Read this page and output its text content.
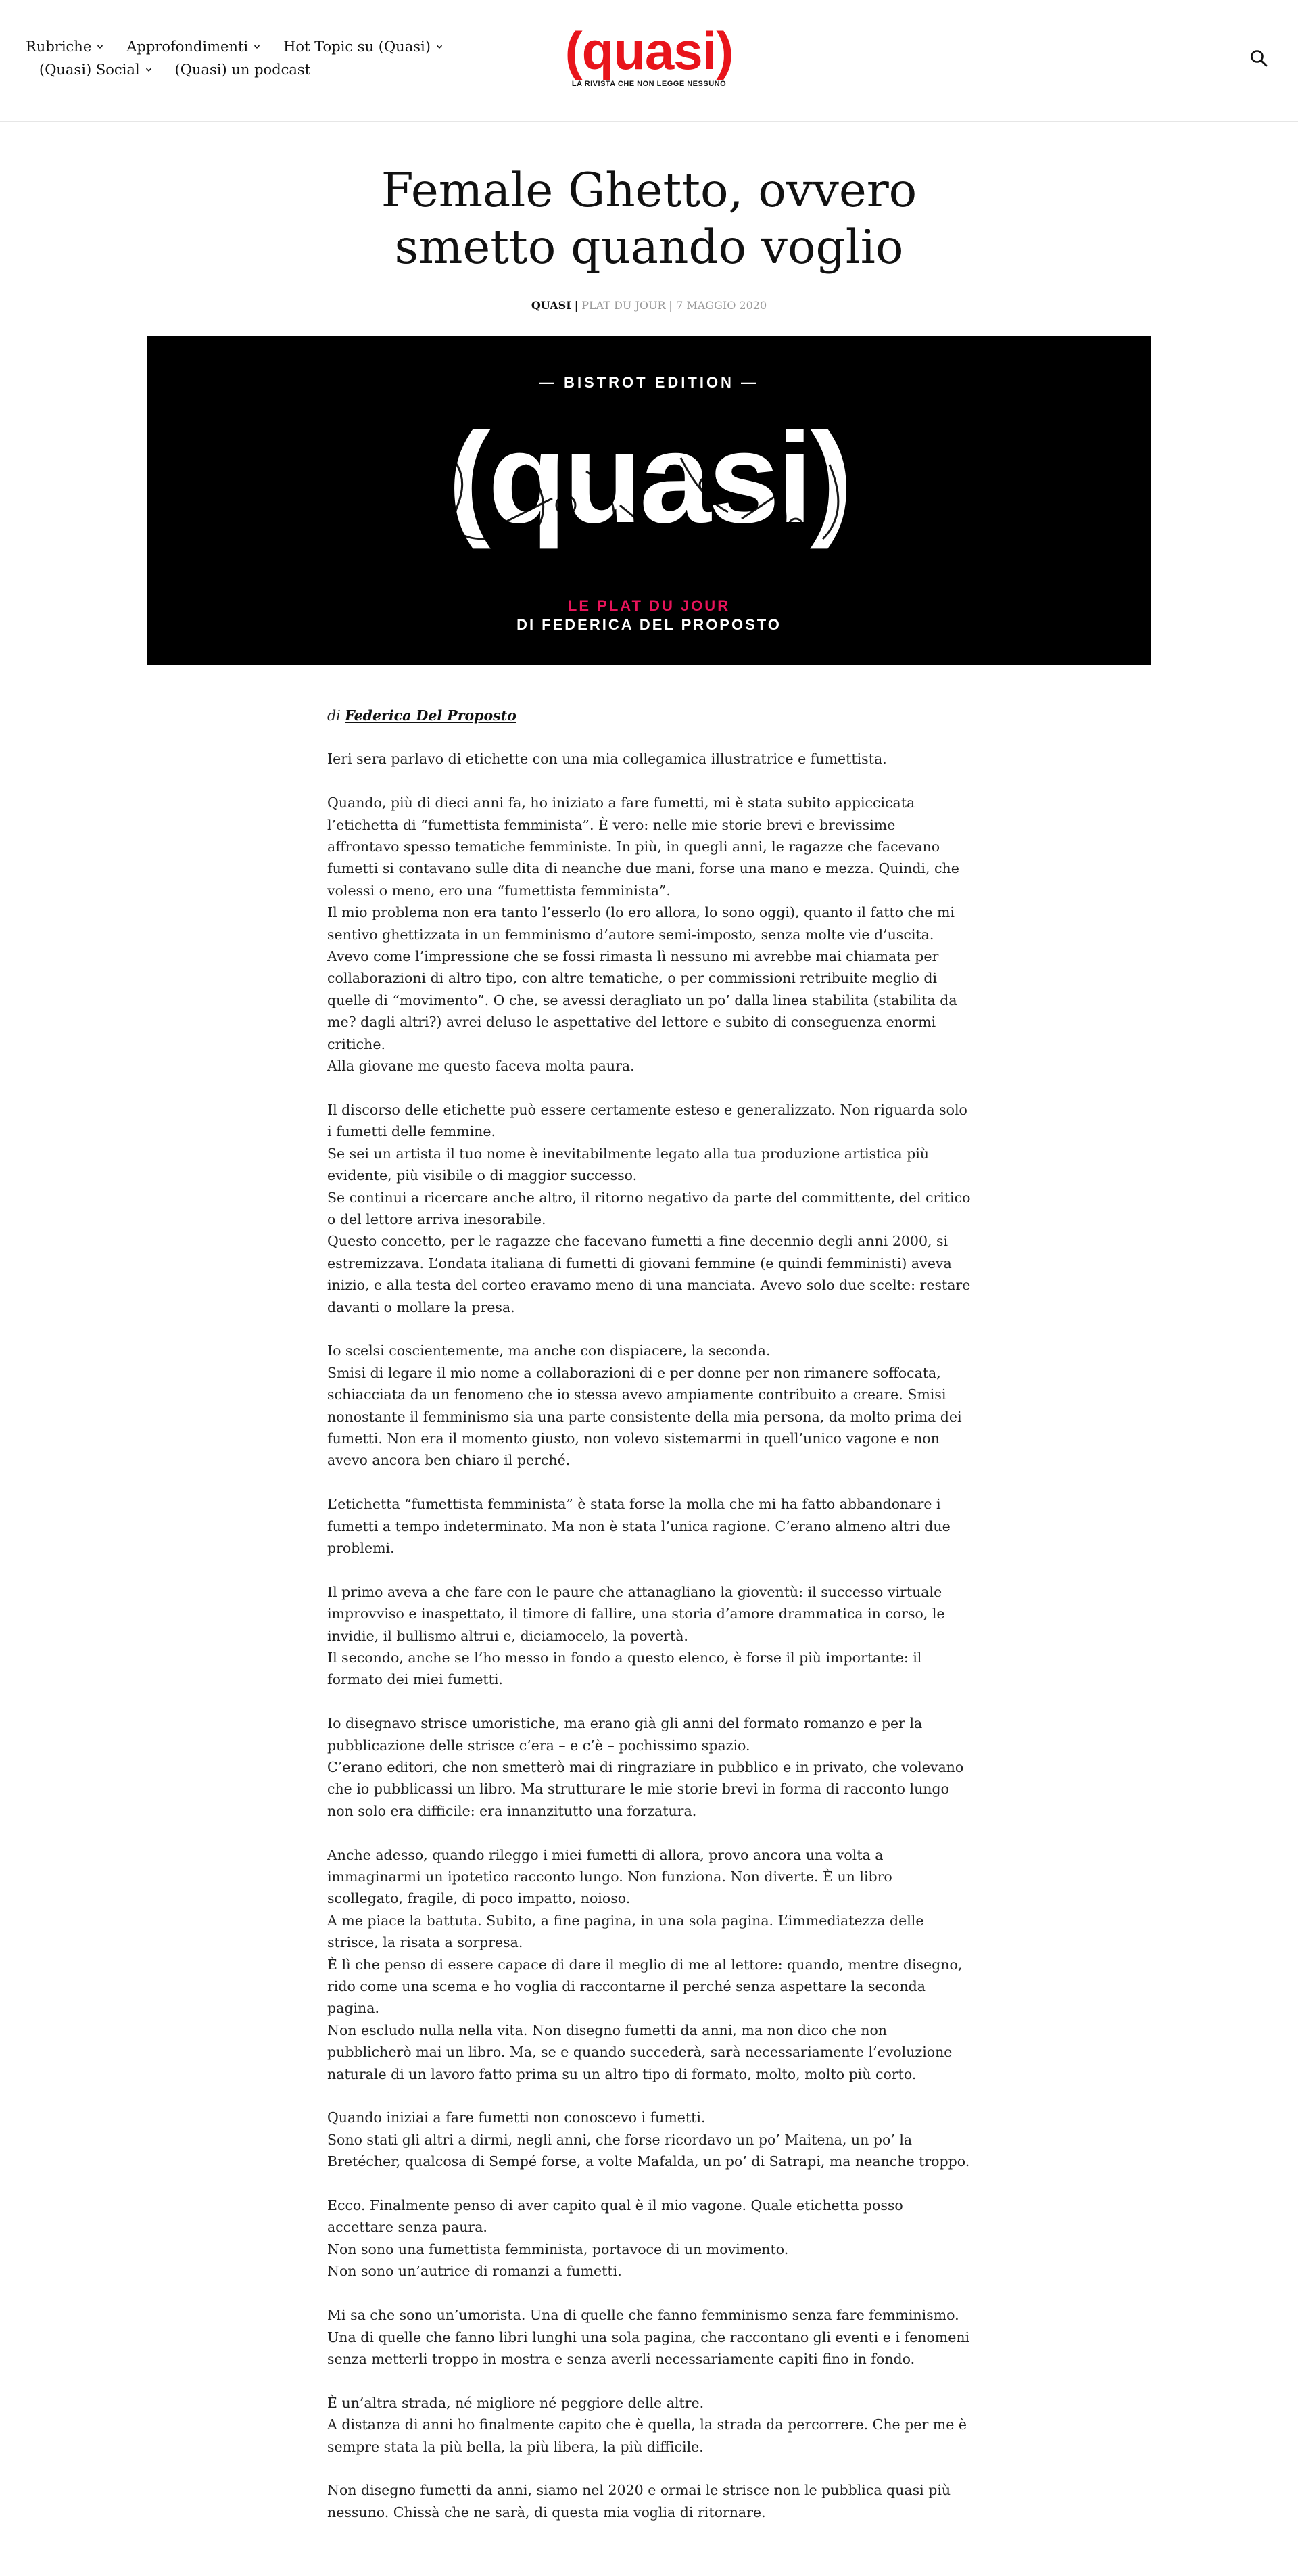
Rubriche Approfondimenti Hot Topic su (Quasi)
(Quasi) Social (Quasi) un podcast	(quasi)
LA RIVISTA CHE NON LEGGE NESSUNO
Female Ghetto, ovvero smetto quando voglio
QUASI | PLAT DU JOUR | 7 MAGGIO 2020
— BISTROT EDITION —
(quasi)
LE PLAT DU JOUR
DI FEDERICA DEL PROPOSTO
di Federica Del Proposto

Ieri sera parlavo di etichette con una mia collegamica illustratrice e fumettista.

Quando, più di dieci anni fa, ho iniziato a fare fumetti, mi è stata subito appiccicata l’etichetta di “fumettista femminista”. È vero: nelle mie storie brevi e brevissime affrontavo spesso tematiche femministe. In più, in quegli anni, le ragazze che facevano fumetti si contavano sulle dita di neanche due mani, forse una mano e mezza. Quindi, che volessi o meno, ero una “fumettista femminista”.

Il mio problema non era tanto l’esserlo (lo ero allora, lo sono oggi), quanto il fatto che mi sentivo ghettizzata in un femminismo d’autore semi-imposto, senza molte vie d’uscita. Avevo come l’impressione che se fossi rimasta lì nessuno mi avrebbe mai chiamata per collaborazioni di altro tipo, con altre tematiche, o per commissioni retribuite meglio di quelle di “movimento”. O che, se avessi deragliato un po’ dalla linea stabilita (stabilita da me? dagli altri?) avrei deluso le aspettative del lettore e subito di conseguenza enormi critiche.

Alla giovane me questo faceva molta paura.

Il discorso delle etichette può essere certamente esteso e generalizzato. Non riguarda solo i fumetti delle femmine.

Se sei un artista il tuo nome è inevitabilmente legato alla tua produzione artistica più evidente, più visibile o di maggior successo.

Se continui a ricercare anche altro, il ritorno negativo da parte del committente, del critico o del lettore arriva inesorabile.

Questo concetto, per le ragazze che facevano fumetti a fine decennio degli anni 2000, si estremizzava. L’ondata italiana di fumetti di giovani femmine (e quindi femministi) aveva inizio, e alla testa del corteo eravamo meno di una manciata. Avevo solo due scelte: restare davanti o mollare la presa.

Io scelsi coscientemente, ma anche con dispiacere, la seconda.

Smisi di legare il mio nome a collaborazioni di e per donne per non rimanere soffocata, schiacciata da un fenomeno che io stessa avevo ampiamente contribuito a creare. Smisi nonostante il femminismo sia una parte consistente della mia persona, da molto prima dei fumetti. Non era il momento giusto, non volevo sistemarmi in quell’unico vagone e non avevo ancora ben chiaro il perché.

L’etichetta “fumettista femminista” è stata forse la molla che mi ha fatto abbandonare i fumetti a tempo indeterminato. Ma non è stata l’unica ragione. C’erano almeno altri due problemi.

Il primo aveva a che fare con le paure che attanagliano la gioventù: il successo virtuale improvviso e inaspettato, il timore di fallire, una storia d’amore drammatica in corso, le invidie, il bullismo altrui e, diciamocelo, la povertà.

Il secondo, anche se l’ho messo in fondo a questo elenco, è forse il più importante: il formato dei miei fumetti.

Io disegnavo strisce umoristiche, ma erano già gli anni del formato romanzo e per la pubblicazione delle strisce c’era – e c’è – pochissimo spazio.

C’erano editori, che non smetterò mai di ringraziare in pubblico e in privato, che volevano che io pubblicassi un libro. Ma strutturare le mie storie brevi in forma di racconto lungo non solo era difficile: era innanzitutto una forzatura.

Anche adesso, quando rileggo i miei fumetti di allora, provo ancora una volta a immaginarmi un ipotetico racconto lungo. Non funziona. Non diverte. È un libro scollegato, fragile, di poco impatto, noioso.

A me piace la battuta. Subito, a fine pagina, in una sola pagina. L’immediatezza delle strisce, la risata a sorpresa.

È lì che penso di essere capace di dare il meglio di me al lettore: quando, mentre disegno, rido come una scema e ho voglia di raccontarne il perché senza aspettare la seconda pagina.

Non escludo nulla nella vita. Non disegno fumetti da anni, ma non dico che non pubblicherò mai un libro. Ma, se e quando succederà, sarà necessariamente l’evoluzione naturale di un lavoro fatto prima su un altro tipo di formato, molto, molto più corto.

Quando iniziai a fare fumetti non conoscevo i fumetti.

Sono stati gli altri a dirmi, negli anni, che forse ricordavo un po’ Maitena, un po’ la Bretécher, qualcosa di Sempé forse, a volte Mafalda, un po’ di Satrapi, ma neanche troppo.

Ecco. Finalmente penso di aver capito qual è il mio vagone. Quale etichetta posso accettare senza paura.

Non sono una fumettista femminista, portavoce di un movimento.

Non sono un’autrice di romanzi a fumetti.

Mi sa che sono un’umorista. Una di quelle che fanno femminismo senza fare femminismo. Una di quelle che fanno libri lunghi una sola pagina, che raccontano gli eventi e i fenomeni senza metterli troppo in mostra e senza averli necessariamente capiti fino in fondo.

È un’altra strada, né migliore né peggiore delle altre.

A distanza di anni ho finalmente capito che è quella, la strada da percorrere. Che per me è sempre stata la più bella, la più libera, la più difficile.

Non disegno fumetti da anni, siamo nel 2020 e ormai le strisce non le pubblica quasi più nessuno. Chissà che ne sarà, di questa mia voglia di ritornare.
